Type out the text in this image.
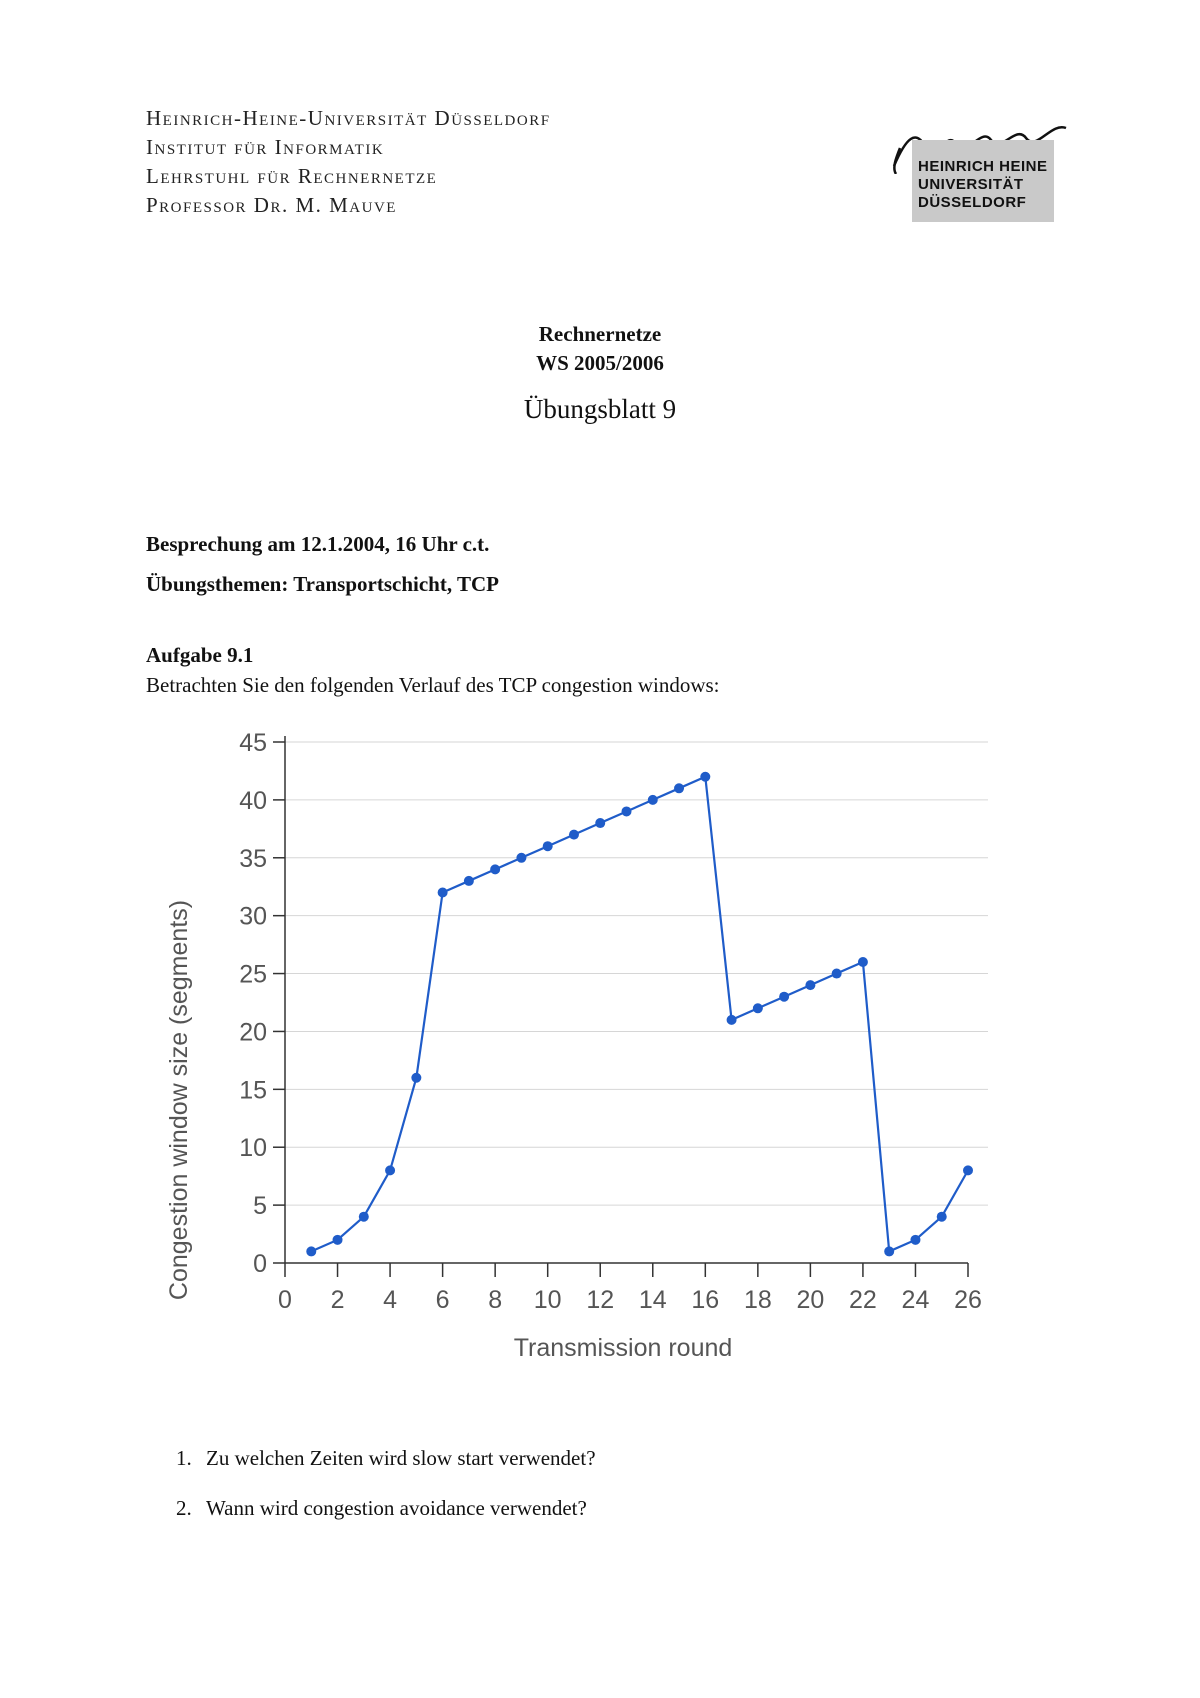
Heinrich-Heine-Universität Düsseldorf
Institut für Informatik
Lehrstuhl für Rechnernetze
Professor Dr. M. Mauve
HEINRICH HEINE
UNIVERSITÄT
DÜSSELDORF
Rechnernetze
WS 2005/2006
Übungsblatt 9
Besprechung am 12.1.2004, 16 Uhr c.t.
Übungsthemen: Transportschicht, TCP
Aufgabe 9.1
Betrachten Sie den folgenden Verlauf des TCP congestion windows:
0
5
10
15
20
25
30
35
40
45
0 2 4 6 8 10 12 14 16 18 20 22 24 26
Transmission round
Congestion window size (segments)
1. Zu welchen Zeiten wird slow start verwendet?
2. Wann wird congestion avoidance verwendet?
